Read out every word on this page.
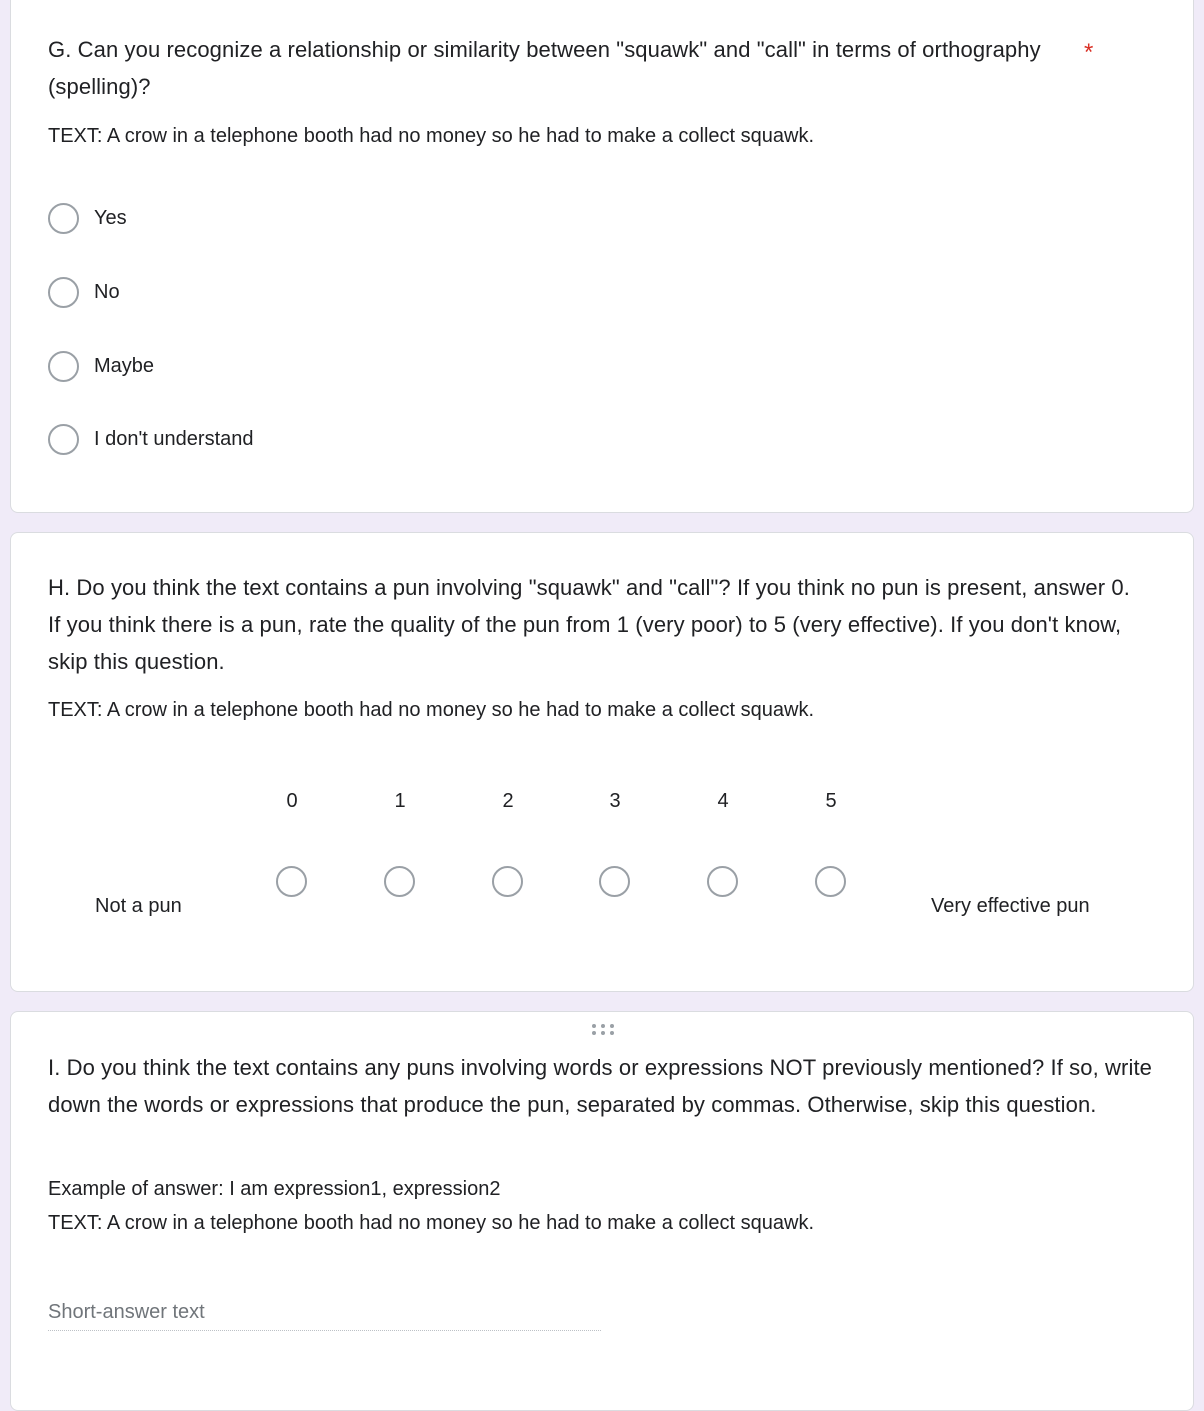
G. Can you recognize a relationship or similarity between "squawk" and "call" in terms of orthography (spelling)?
*
TEXT: A crow in a telephone booth had no money so he had to make a collect squawk.
Yes
No
Maybe
I don't understand
H. Do you think the text contains a pun involving "squawk" and "call"? If you think no pun is present, answer 0. If you think there is a pun, rate the quality of the pun from 1 (very poor) to 5 (very effective). If you don't know, skip this question.
TEXT: A crow in a telephone booth had no money so he had to make a collect squawk.
0	1	2	3	4	5
Not a pun	Very effective pun
I. Do you think the text contains any puns involving words or expressions NOT previously mentioned? If so, write down the words or expressions that produce the pun, separated by commas. Otherwise, skip this question.
Example of answer: I am expression1, expression2
TEXT: A crow in a telephone booth had no money so he had to make a collect squawk.
Short-answer text
